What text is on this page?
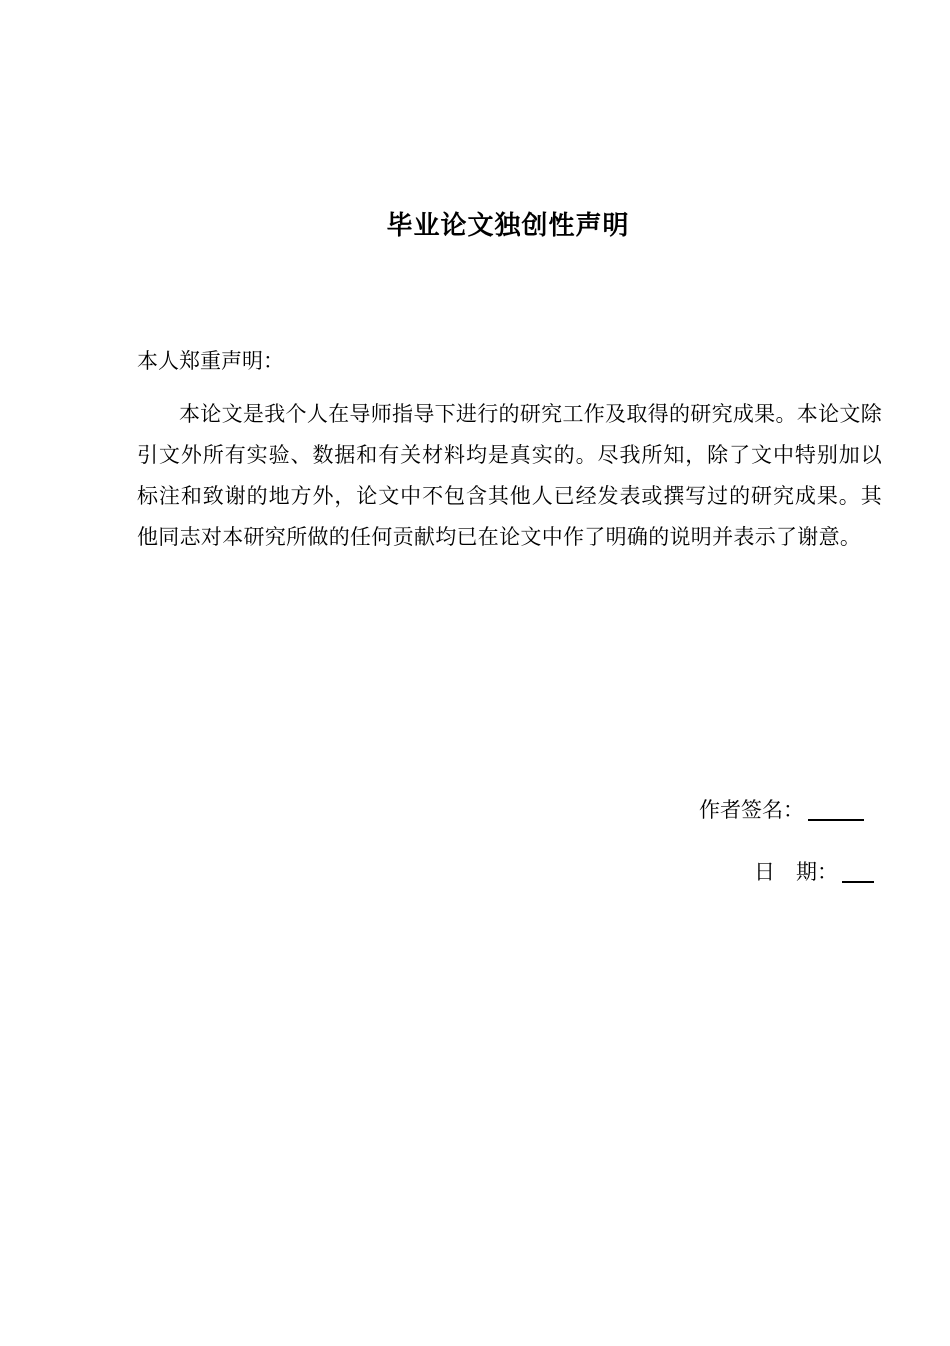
毕业论文独创性声明
本人郑重声明：

本论文是我个人在导师指导下进行的研究工作及取得的研究成果。本论文除引文外所有实验、数据和有关材料均是真实的。尽我所知，除了文中特别加以标注和致谢的地方外，论文中不包含其他人已经发表或撰写过的研究成果。其他同志对本研究所做的任何贡献均已在论文中作了明确的说明并表示了谢意。

作者签名：
日　期：
